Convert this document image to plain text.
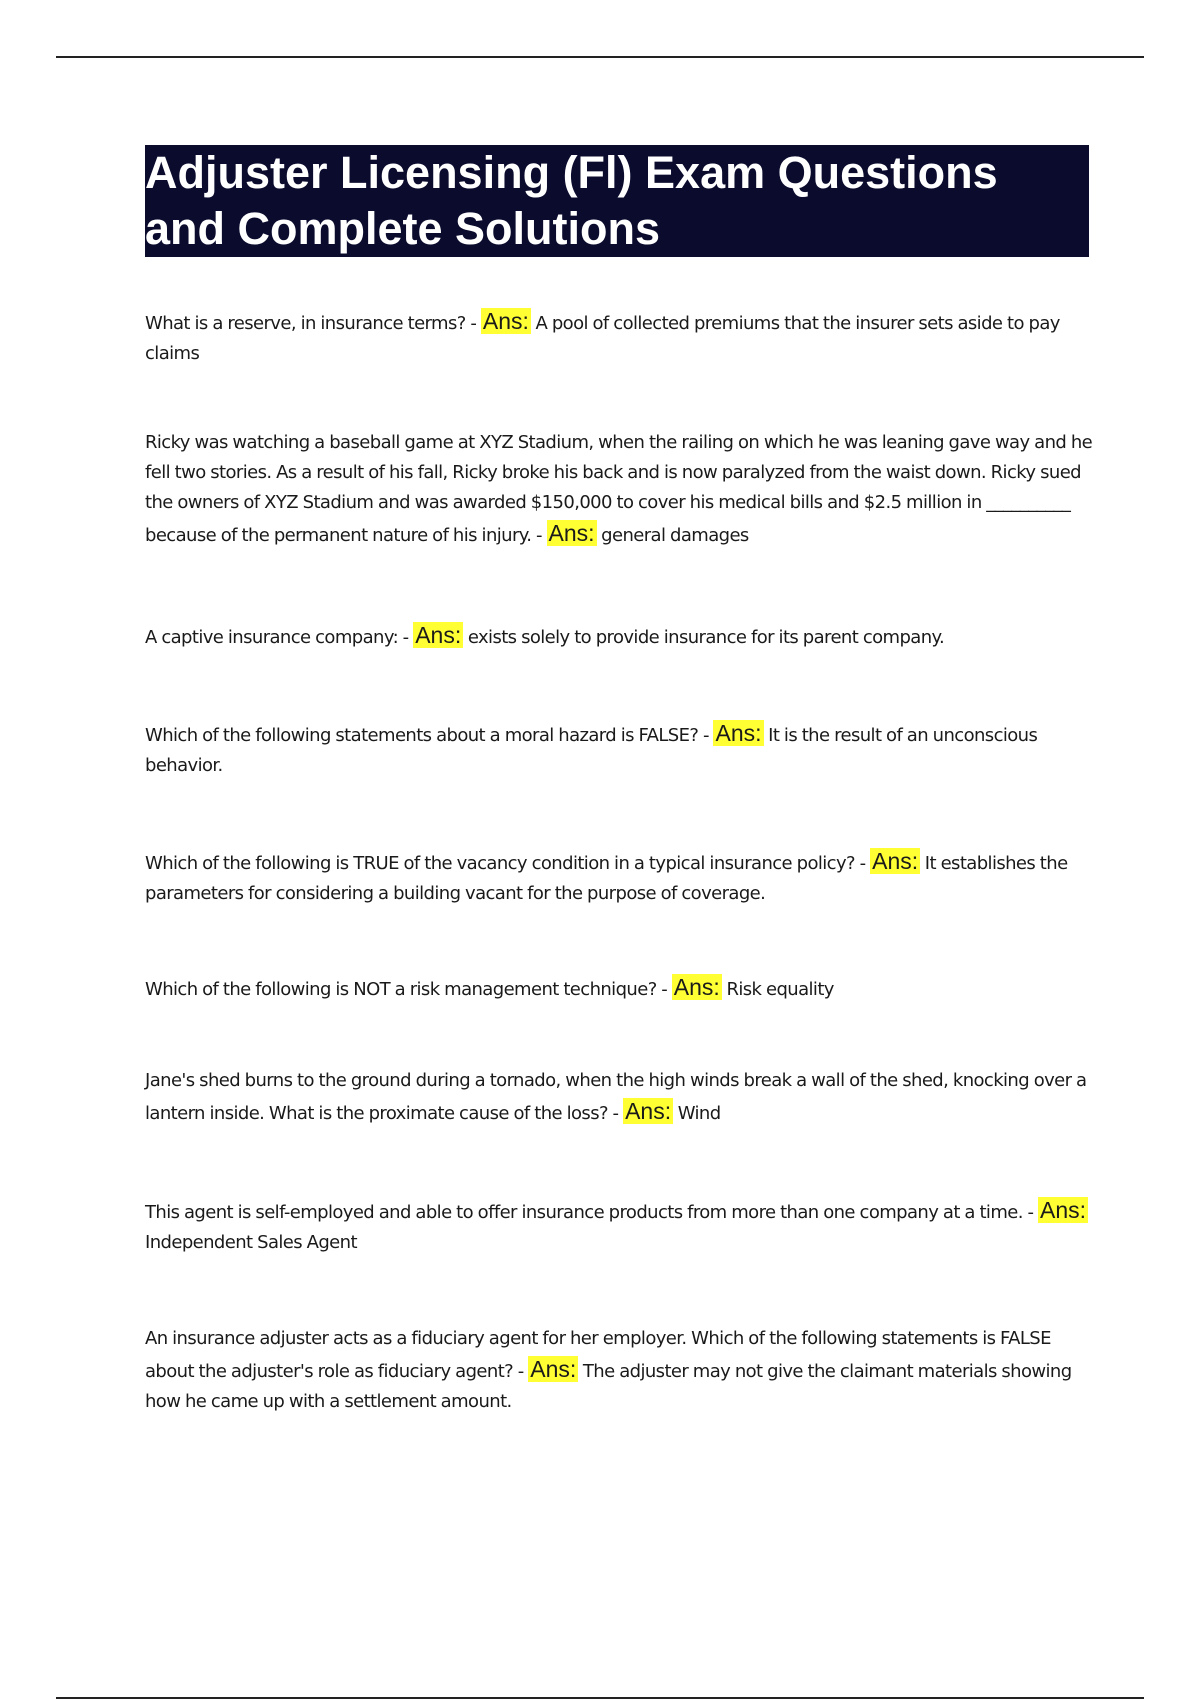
Adjuster Licensing (Fl) Exam Questions
and Complete Solutions

What is a reserve, in insurance terms? - Ans: A pool of collected premiums that the insurer sets aside to pay claims

Ricky was watching a baseball game at XYZ Stadium, when the railing on which he was leaning gave way and he fell two stories. As a result of his fall, Ricky broke his back and is now paralyzed from the waist down. Ricky sued the owners of XYZ Stadium and was awarded $150,000 to cover his medical bills and $2.5 million in __________ because of the permanent nature of his injury. - Ans: general damages

A captive insurance company: - Ans: exists solely to provide insurance for its parent company.

Which of the following statements about a moral hazard is FALSE? - Ans: It is the result of an unconscious behavior.

Which of the following is TRUE of the vacancy condition in a typical insurance policy? - Ans: It establishes the parameters for considering a building vacant for the purpose of coverage.

Which of the following is NOT a risk management technique? - Ans: Risk equality

Jane's shed burns to the ground during a tornado, when the high winds break a wall of the shed, knocking over a lantern inside. What is the proximate cause of the loss? - Ans: Wind

This agent is self-employed and able to offer insurance products from more than one company at a time. - Ans: Independent Sales Agent

An insurance adjuster acts as a fiduciary agent for her employer. Which of the following statements is FALSE about the adjuster's role as fiduciary agent? - Ans: The adjuster may not give the claimant materials showing how he came up with a settlement amount.
